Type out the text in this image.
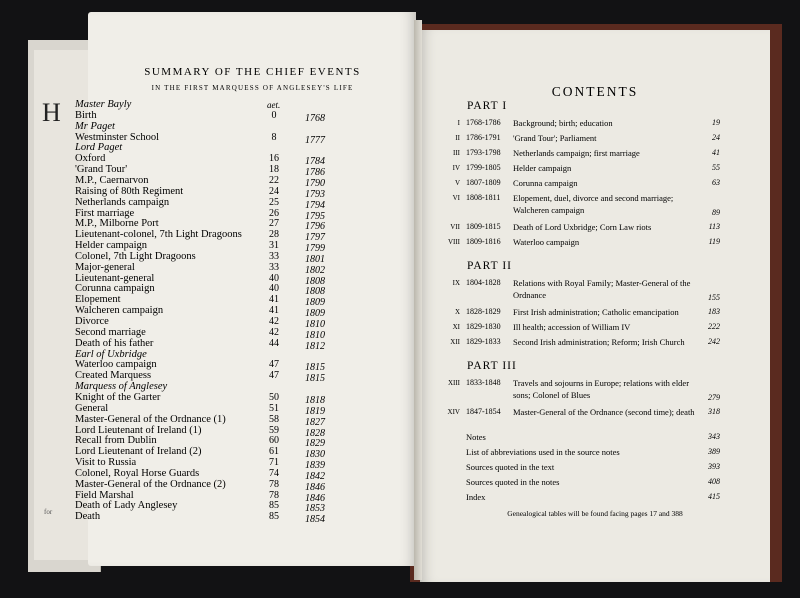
H
for
SUMMARY OF THE CHIEF EVENTS
IN THE FIRST MARQUESS OF ANGLESEY'S LIFE
aet.
Master Bayly
Birth	0	1768
Mr Paget
Westminster School	8	1777
Lord Paget
Oxford	16	1784
'Grand Tour'	18	1786
M.P., Caernarvon	22	1790
Raising of 80th Regiment	24	1793
Netherlands campaign	25	1794
First marriage	26	1795
M.P., Milborne Port	27	1796
Lieutenant-colonel, 7th Light Dragoons	28	1797
Helder campaign	31	1799
Colonel, 7th Light Dragoons	33	1801
Major-general	33	1802
Lieutenant-general	40	1808
Corunna campaign	40	1808
Elopement	41	1809
Walcheren campaign	41	1809
Divorce	42	1810
Second marriage	42	1810
Death of his father	44	1812
Earl of Uxbridge
Waterloo campaign	47	1815
Created Marquess	47	1815
Marquess of Anglesey
Knight of the Garter	50	1818
General	51	1819
Master-General of the Ordnance (1)	58	1827
Lord Lieutenant of Ireland (1)	59	1828
Recall from Dublin	60	1829
Lord Lieutenant of Ireland (2)	61	1830
Visit to Russia	71	1839
Colonel, Royal Horse Guards	74	1842
Master-General of the Ordnance (2)	78	1846
Field Marshal	78	1846
Death of Lady Anglesey	85	1853
Death	85	1854
CONTENTS
PART I
I 1768-1786 Background; birth; education	19
II 1786-1791 'Grand Tour'; Parliament	24
III 1793-1798 Netherlands campaign; first marriage	41
IV 1799-1805 Helder campaign	55
V 1807-1809 Corunna campaign	63
VI 1808-1811 Elopement, duel, divorce and second marriage;
Walcheren campaign	89
VII 1809-1815 Death of Lord Uxbridge; Corn Law riots	113
VIII 1809-1816 Waterloo campaign	119
PART II
IX 1804-1828 Relations with Royal Family; Master-General of the
Ordnance	155
X 1828-1829 First Irish administration; Catholic emancipation	183
XI 1829-1830 Ill health; accession of William IV	222
XII 1829-1833 Second Irish administration; Reform; Irish Church	242
PART III
XIII 1833-1848 Travels and sojourns in Europe; relations with elder
sons; Colonel of Blues	279
XIV 1847-1854 Master-General of the Ordnance (second time); death	318
Notes	343
List of abbreviations used in the source notes	389
Sources quoted in the text	393
Sources quoted in the notes	408
Index	415
Genealogical tables will be found facing pages 17 and 388
